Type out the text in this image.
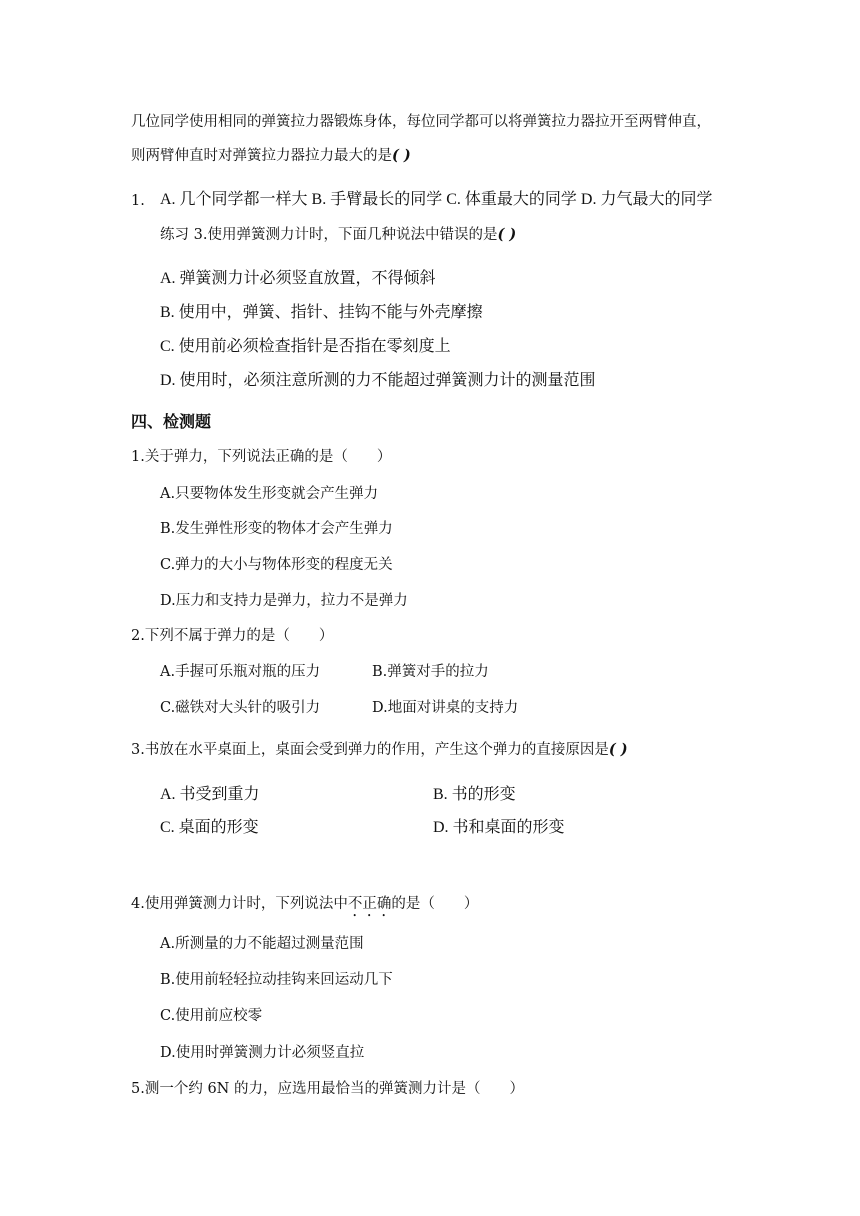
几位同学使用相同的弹簧拉力器锻炼身体，每位同学都可以将弹簧拉力器拉开至两臂伸直，
则两臂伸直时对弹簧拉力器拉力最大的是( )
1. A. 几个同学都一样大 B. 手臂最长的同学 C. 体重最大的同学 D. 力气最大的同学
练习 3.使用弹簧测力计时，下面几种说法中错误的是( )
A. 弹簧测力计必须竖直放置，不得倾斜
B. 使用中，弹簧、指针、挂钩不能与外壳摩擦
C. 使用前必须检查指针是否指在零刻度上
D. 使用时，必须注意所测的力不能超过弹簧测力计的测量范围
四、检测题
1.关于弹力，下列说法正确的是（　　）
A.只要物体发生形变就会产生弹力
B.发生弹性形变的物体才会产生弹力
C.弹力的大小与物体形变的程度无关
D.压力和支持力是弹力，拉力不是弹力
2.下列不属于弹力的是（　　）
A.手握可乐瓶对瓶的压力	B.弹簧对手的拉力
C.磁铁对大头针的吸引力	D.地面对讲桌的支持力
3.书放在水平桌面上，桌面会受到弹力的作用，产生这个弹力的直接原因是( )
A. 书受到重力	B. 书的形变
C. 桌面的形变	D. 书和桌面的形变
4.使用弹簧测力计时，下列说法中不正确的是（　　）
A.所测量的力不能超过测量范围
B.使用前轻轻拉动挂钩来回运动几下
C.使用前应校零
D.使用时弹簧测力计必须竖直拉
5.测一个约 6N 的力，应选用最恰当的弹簧测力计是（　　）
